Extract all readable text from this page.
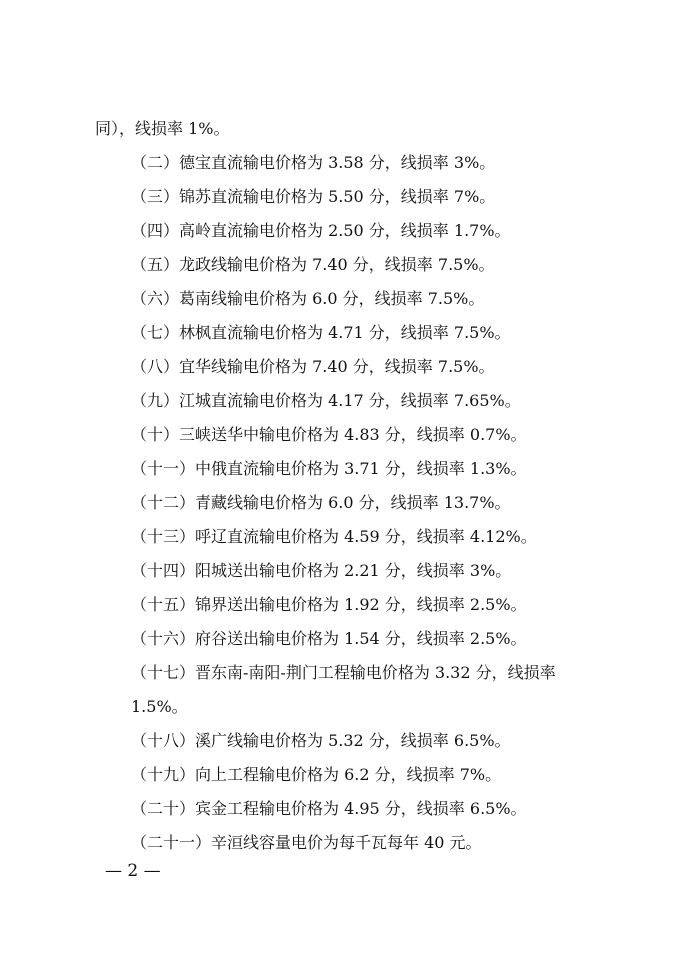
同），线损率 1%。
（二）德宝直流输电价格为 3.58 分，线损率 3%。
（三）锦苏直流输电价格为 5.50 分，线损率 7%。
（四）高岭直流输电价格为 2.50 分，线损率 1.7%。
（五）龙政线输电价格为 7.40 分，线损率 7.5%。
（六）葛南线输电价格为 6.0 分，线损率 7.5%。
（七）林枫直流输电价格为 4.71 分，线损率 7.5%。
（八）宜华线输电价格为 7.40 分，线损率 7.5%。
（九）江城直流输电价格为 4.17 分，线损率 7.65%。
（十）三峡送华中输电价格为 4.83 分，线损率 0.7%。
（十一）中俄直流输电价格为 3.71 分，线损率 1.3%。
（十二）青藏线输电价格为 6.0 分，线损率 13.7%。
（十三）呼辽直流输电价格为 4.59 分，线损率 4.12%。
（十四）阳城送出输电价格为 2.21 分，线损率 3%。
（十五）锦界送出输电价格为 1.92 分，线损率 2.5%。
（十六）府谷送出输电价格为 1.54 分，线损率 2.5%。
（十七）晋东南-南阳-荆门工程输电价格为 3.32 分，线损率
1.5%。
（十八）溪广线输电价格为 5.32 分，线损率 6.5%。
（十九）向上工程输电价格为 6.2 分，线损率 7%。
（二十）宾金工程输电价格为 4.95 分，线损率 6.5%。
（二十一）辛洹线容量电价为每千瓦每年 40 元。
— 2 —
